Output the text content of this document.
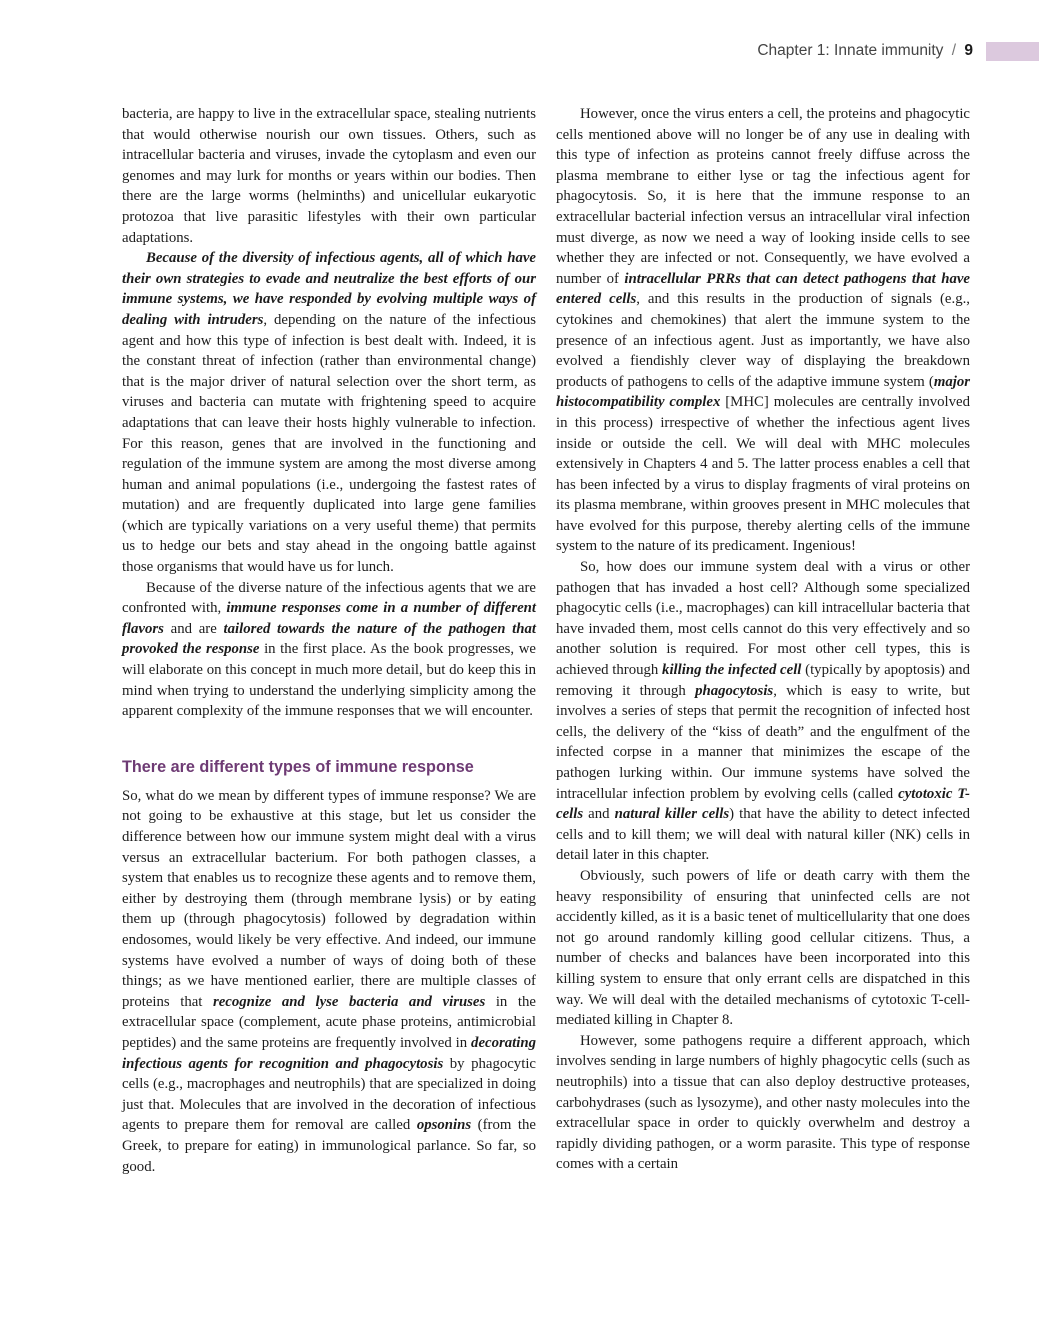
Chapter 1: Innate immunity / 9

bacteria, are happy to live in the extracellular space, stealing nutrients that would otherwise nourish our own tissues. Others, such as intracellular bacteria and viruses, invade the cytoplasm and even our genomes and may lurk for months or years within our bodies. Then there are the large worms (helminths) and unicellular eukaryotic protozoa that live parasitic lifestyles with their own particular adaptations.

Because of the diversity of infectious agents, all of which have their own strategies to evade and neutralize the best efforts of our immune systems, we have responded by evolving multiple ways of dealing with intruders, depending on the nature of the infectious agent and how this type of infection is best dealt with. Indeed, it is the constant threat of infection (rather than environmental change) that is the major driver of natural selection over the short term, as viruses and bacteria can mutate with frightening speed to acquire adaptations that can leave their hosts highly vulnerable to infection. For this reason, genes that are involved in the functioning and regulation of the immune system are among the most diverse among human and animal populations (i.e., undergoing the fastest rates of mutation) and are frequently duplicated into large gene families (which are typically variations on a very useful theme) that permits us to hedge our bets and stay ahead in the ongoing battle against those organisms that would have us for lunch.

Because of the diverse nature of the infectious agents that we are confronted with, immune responses come in a number of different flavors and are tailored towards the nature of the pathogen that provoked the response in the first place. As the book progresses, we will elaborate on this concept in much more detail, but do keep this in mind when trying to understand the underlying simplicity among the apparent complexity of the immune responses that we will encounter.

There are different types of immune response

So, what do we mean by different types of immune response? We are not going to be exhaustive at this stage, but let us consider the difference between how our immune system might deal with a virus versus an extracellular bacterium. For both pathogen classes, a system that enables us to recognize these agents and to remove them, either by destroying them (through membrane lysis) or by eating them up (through phagocytosis) followed by degradation within endosomes, would likely be very effective. And indeed, our immune systems have evolved a number of ways of doing both of these things; as we have mentioned earlier, there are multiple classes of proteins that recognize and lyse bacteria and viruses in the extracellular space (complement, acute phase proteins, antimicrobial peptides) and the same proteins are frequently involved in decorating infectious agents for recognition and phagocytosis by phagocytic cells (e.g., macrophages and neutrophils) that are specialized in doing just that. Molecules that are involved in the decoration of infectious agents to prepare them for removal are called opsonins (from the Greek, to prepare for eating) in immunological parlance. So far, so good.

However, once the virus enters a cell, the proteins and phagocytic cells mentioned above will no longer be of any use in dealing with this type of infection as proteins cannot freely diffuse across the plasma membrane to either lyse or tag the infectious agent for phagocytosis. So, it is here that the immune response to an extracellular bacterial infection versus an intracellular viral infection must diverge, as now we need a way of looking inside cells to see whether they are infected or not. Consequently, we have evolved a number of intracellular PRRs that can detect pathogens that have entered cells, and this results in the production of signals (e.g., cytokines and chemokines) that alert the immune system to the presence of an infectious agent. Just as importantly, we have also evolved a fiendishly clever way of displaying the breakdown products of pathogens to cells of the adaptive immune system (major histocompatibility complex [MHC] molecules are centrally involved in this process) irrespective of whether the infectious agent lives inside or outside the cell. We will deal with MHC molecules extensively in Chapters 4 and 5. The latter process enables a cell that has been infected by a virus to display fragments of viral proteins on its plasma membrane, within grooves present in MHC molecules that have evolved for this purpose, thereby alerting cells of the immune system to the nature of its predicament. Ingenious!

So, how does our immune system deal with a virus or other pathogen that has invaded a host cell? Although some specialized phagocytic cells (i.e., macrophages) can kill intracellular bacteria that have invaded them, most cells cannot do this very effectively and so another solution is required. For most other cell types, this is achieved through killing the infected cell (typically by apoptosis) and removing it through phagocytosis, which is easy to write, but involves a series of steps that permit the recognition of infected host cells, the delivery of the “kiss of death” and the engulfment of the infected corpse in a manner that minimizes the escape of the pathogen lurking within. Our immune systems have solved the intracellular infection problem by evolving cells (called cytotoxic T-cells and natural killer cells) that have the ability to detect infected cells and to kill them; we will deal with natural killer (NK) cells in detail later in this chapter.

Obviously, such powers of life or death carry with them the heavy responsibility of ensuring that uninfected cells are not accidently killed, as it is a basic tenet of multicellularity that one does not go around randomly killing good cellular citizens. Thus, a number of checks and balances have been incorporated into this killing system to ensure that only errant cells are dispatched in this way. We will deal with the detailed mechanisms of cytotoxic T-cell-mediated killing in Chapter 8.

However, some pathogens require a different approach, which involves sending in large numbers of highly phagocytic cells (such as neutrophils) into a tissue that can also deploy destructive proteases, carbohydrases (such as lysozyme), and other nasty molecules into the extracellular space in order to quickly overwhelm and destroy a rapidly dividing pathogen, or a worm parasite. This type of response comes with a certain
